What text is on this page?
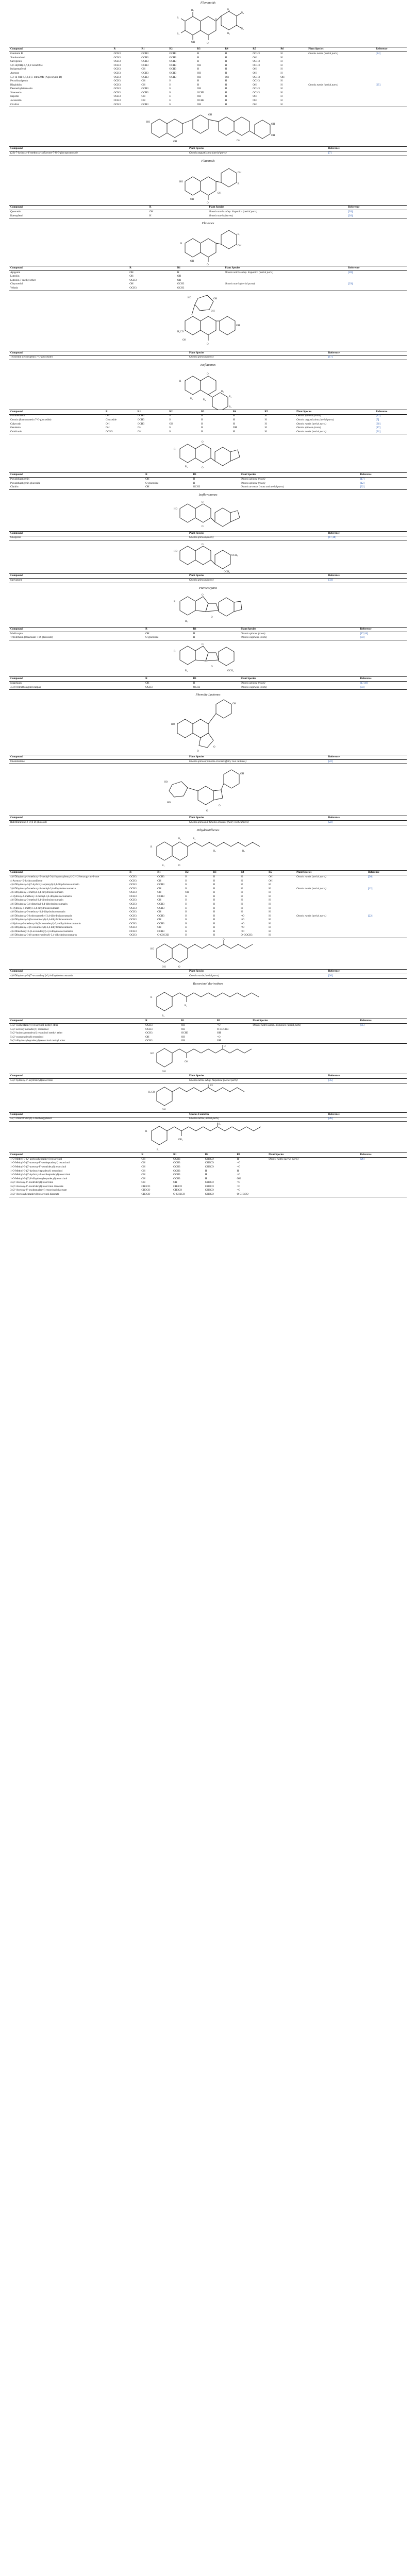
Flavanoids

R
R₁
R₂
OH	O
O
R₄
R₅
R₃
R₆
Compound	R	R1	R2	R3	R4	R5	R6	Plant Species	Reference
Gardenin B	OCH3	OCH3	OCH3	H	H	OCH3	H	Ononis natrix (aerial parts)	[24]
Xanthomicrol	OCH3	OCH3	OCH3	H	H	OH	H		
Salvigenin	OCH3	OCH3	OCH3	H	H	OCH3	H		
5,6'-di(OH)-6,7,8,3'-tetraOMe	OCH3	OCH3	OCH3	OH	H	OCH3	H		
Isokaempferol	OCH3	OH	OCH3	H	H	OH	H		
Acetone	OCH3	OCH3	OCH3	OH	H	OH	H		
5,3'-di-OH-6,7,8,3',5'-tetraOMe (Agecorynin D)	OCH3	OCH3	OCH3	OH	OH	OCH3	OH		
Pectolinarigenin	OCH3	OH	H	H	H	OCH3	H		
Hispidulin	OCH3	OH	H	H	H	OH	H	Ononis natrix (aerial parts)	[25]
Desmethylsinensetin	OCH3	OCH3	H	OH	H	OCH3	H		
Sinensetin	OCH3	OCH3	H	OCH3	H	OCH3	H		
Nepetin	OCH3	OH	H	OH	H	OH	H		
Jaceosidin	OCH3	OH	H	OCH3	H	OH	H		
Cirsiliol	OCH3	OCH3	H	OH	H	OH	H		
HO
OH
OH
OH
OH
OH
Compound	Plant Species	Reference
(2S)-7-hydroxy-4'-methoxy-isoflavone-7-O-β-glucopyranoside	Ononis angustissima (aerial parts)	[7]

Flavonols

HO
OH
O
OH
OH
R
Compound	R	Plant Species	Reference
Quercetin	OH	Ononis natrix subsp. hispanica (aerial parts)	[26]
Kaempferol	H	Ononis natrix (leaves)	[26]

Flavones

R
OH
O
R₁
OH
Compound	R	R1	Plant Species	Reference
Apigenin	OH	H	Ononis natrix subsp. hispanica (aerial parts)	[28]
Luteolin	OH	OH		
Luteolin 7-methyl ether	OCH3	OH		
Chrysoeriol	OH	OCH3	Ononis natrix (aerial parts)	[29]
Velutin	OCH3	OCH3		
OH
OH
HO
H₃CO
OH
O
OH
Compound	Plant Species	Reference
Tectoridin (tectorigenin 7-O-glucoside)	Ononis spinosa (roots)	[17]

Isoflavones

R
R₅
O
R₂
R₁
R₃
R₄
Compound	R	R1	R2	R3	R4	R5	Plant Species	Reference
Formononetin	OH	OCH3	H	H	H	H	Ononis spinosa (roots)	[17]
Ononin (formononetin 7-O-glucoside)	Glucoside	OCH3	H	H	H	H	Ononis angustissima (aerial parts)	[7]
Calycosin	OH	OCH3	OH	H	H	H	Ononis natrix (aerial parts)	[30]
Genistein	OH	OH	H	H	OH	H	Ononis spinosa (roots)	[17]
Onidrianin	OCH3	OH	H	H	H	H	Ononis natrix (aerial parts)	[31]
R
O
O
R₁
Compound	R	R1	Plant Species	Reference
Pseudobaptigenin	OH	H	Ononis spinosa (roots)	[17]
Pseudobaptigenin glucoside	O-glucoside	H	Ononis spinosa (roots)	[12]
Cladrin	OH	OCH3	Ononis arvensis (roots and aerial parts)	[32]

Isoflavanones

HO
O
O
Compound	Plant Species	Reference
Onogenin	Ononis spinosa (roots)	[17,18]
HO
O
OCH₃
OCH₃
Compound	Plant Species	Reference
Sativanone	Ononis spinosa (roots)	[33]

Pterocarpans

R
O
O
R₁
Compound	R	R1	Plant Species	Reference
Medicarpin	OH	H	Ononis spinosa (roots)	[17,18]
Trifolirhizin (maackiain 7-O-glucoside)	O-glucoside	H	Ononis vaginalis (roots)	[34]
R
O
O
OCH₃
R₁
Compound	R	R1	Plant Species	Reference
Maackiain	OH	H	Ononis spinosa (roots)	[17,18]
3,4,9-trimethoxypterocarpan	OCH3	OCH3	Ononis vaginalis (roots)	[34]

Phenolic Lactones

HO
OH
O
O
Compound	Plant Species	Reference
Ononilactone	Ononis spinosa; Ononis arvensis (fairy root cultures)	[22]
HO
HO
OH
O
O
Compound	Plant Species	Reference
Rubrifuranone 2-O-β-D-glucoside	Ononis spinosa & Ononis arvensis (hairy root cultures)	[22]

Dihydrostilbenes

R
R₁	O
R₂
R₄
R₃
R₅
Compound	R	R1	R2	R3	R4	R5	Plant Species	Reference
4,6-Dihydroxy-4-methoxy-5-methyl-3-(4-hydroxybenzyl)-2H-2-benzopyran-1-one	OCH3	OCH3	H	H	H	OH	Ononis natrix (aerial parts)	[26]
4-Acetoxy-5'-hydroxystilbene	OCH3	OH	H	H	H	OH		
4,6-Dihydroxy-3-(3'-hydroxyisoprenyl)-3,4-dihydroisocoumarin	OCH3	OCH3	H	H	H	H		
3,6-Dihydroxy-5-methoxy-3-methyl-3,4-dihydroisocoumarin	OCH3	OH	H	H	H	H	Ononis natrix (aerial parts)	[12]
4,6-Dihydroxy-3-methyl-3,4-dihydroisocoumarin	OCH3	OH	OH	H	H	H		
4-Hydroxy-6-methoxy-3-methyl-3,4-dihydroisocoumarin	OCH3	OCH3	H	H	H	H		
4,6-Dihydroxy-3-methyl-3,4-dihydroisocoumarin	OCH3	OH	H	H	H	H		
4,6-Dihydroxy-3,4-dimethyl-3,4-dihydroisocoumarin	OCH3	OCH3	H	H	H	H		
6-Hydroxy-4-methyl-3,4-dihydroisocoumarin	OCH3	OCH3	H	H	H	H		
4,6-Dihydroxy-3-methoxy-3,4-dihydroisocoumarin	OCH3	OH	H	H	H	H		
4,6-Dihydroxy-3-hydroxymethyl-3,4-dihydroisocoumarin	OCH3	OCH3	H	H	=O	H	Ononis natrix (aerial parts)	[22]
4,6-Dihydroxy-3-(6-oxoundecyl)-3,4-dihydroisocoumarin	OCH3	OH	H	H	=O	H		
4-Hydroxy-6-methoxy-3-(6-oxoundecyl)-3,4-dihydroisocoumarin	OCH3	OCH3	H	H	=O	H		
4,6-Dihydroxy-3-(6-oxoundecyl)-3,4-dihydroisocoumarin	OCH3	OH	H	H	=O	H		
4,6-Dimethoxy-3-(6-oxoundecyl)-3,4-dihydroisocoumarin	OCH3	OCH3	H	H	=O	H		
4,6-Dihydroxy-3-(6-acetoxyundecyl)-3,4-dihydroisocoumarin	OCH3	O-COCH3	H	H	O-COCH3	H		
HO
OH	O
O
Compound	Plant Species	Reference
4,6-Dihydroxy-3-(7'-oxoundecyl)-3,4-dihydroisocoumarin	Ononis natrix (aerial parts)	[26]

Resorcinol derivatives

R
R₁
R₂
Compound	R	R1	R2	Plant Species	Reference
5-(2'-oxoheptadecyl) resorcinol methyl ether	OCH3	OH	=O	Ononis natrix subsp. hispanica (aerial parts)	[35]
5-(2'-acetoxy-nonadecyl) resorcinol	OCH3	OH	O-COCH3		
5-(2'-hydroxynonadecyl) resorcinol methyl ether	OCH3	OCH3	OH		
5-(2'-oxononadecyl) resorcinol	OH	OH	=O		
5-(2'-dihydroxyheptadecyl) resorcinol methyl ether	OCH3	OH	OH		
HO
OH
OH
O
Compound	Plant Species	Reference
5-(2'-hydroxy-8'-oxytridecyl) resorcinol	Ononis natrix subsp. hispanica (aerial parts)	[35]
H₃CO
OH
Cl
Compound	Species Found In	Reference
5-(7'-chlorotridecyl)-3-methoxyphenol	Ononis natrix (aerial parts)	[26]
R
R₁
OR₂
R₃
Compound	R	R1	R2	R3	Plant Species	Reference
1-O-Methyl-3-(2'-acetoxyheptadecyl) resorcinol	OH	OCH3	CH3CO	H	Ononis natrix (aerial parts)	[26]
1-O-Methyl-3-(2'-acetoxy-8'-oxoheptadecyl) resorcinol	OH	OCH3	CH3CO	=O		
1-O-Methyl-3-(2'-acetoxy-8'-oxotridecyl) resorcinol	OH	OCH3	CH3CO	=O		
1-O-Methyl-3-(2'-hydroxyheptadecyl) resorcinol	OH	OCH3	H	H		
1-O-Methyl-3-(2'-hydroxy-8'-oxoheptadecyl) resorcinol	OH	OCH3	H	=O		
1-O-Methyl-3-(2',8'-dihydroxyheptadecyl) resorcinol	OH	OCH3	H	OH		
3-(2'-Acetoxy-8'-oxotridecyl) resorcinol	OH	OH	CH3CO	=O		
3-(2'-Acetoxy-8'-oxotridecyl) resorcinol diacetate	CH3CO	CH3CO	CH3CO	=O		
3-(2'-Acetoxy-8'-oxoheptadecyl) resorcinol diacetate	CH3CO	CH3CO	CH3CO	=O		
3-(2'-Acetoxyheptadecyl) resorcinol diacetate	CH3CO	O-CH3CO	CH3CO	O-CH3CO		
